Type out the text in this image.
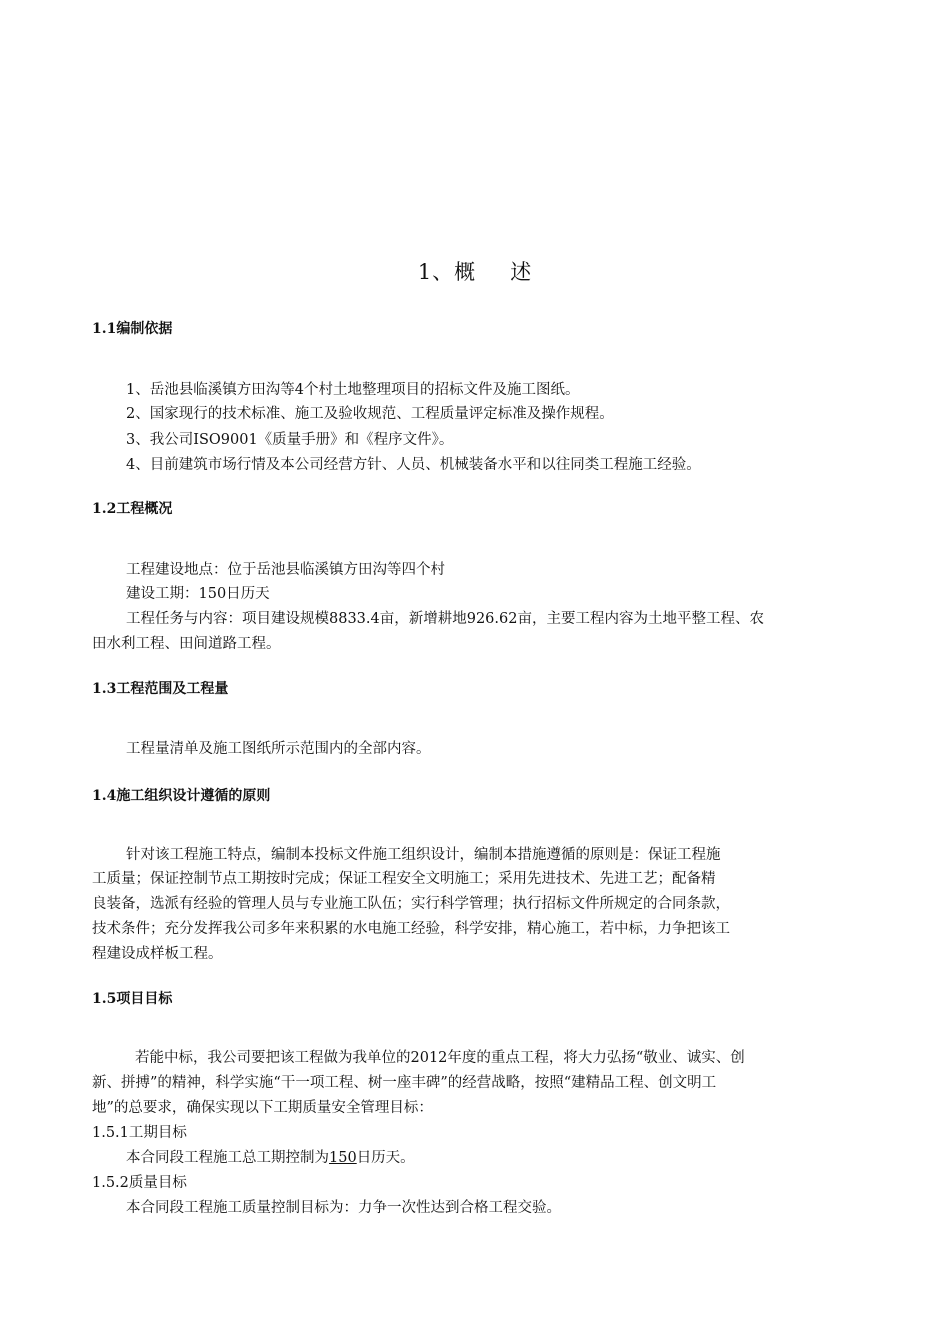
1、概 述
1.1编制依据
1、岳池县临溪镇方田沟等4个村土地整理项目的招标文件及施工图纸。
2、国家现行的技术标准、施工及验收规范、工程质量评定标准及操作规程。
3、我公司ISO9001《质量手册》和《程序文件》。
4、目前建筑市场行情及本公司经营方针、人员、机械装备水平和以往同类工程施工经验。
1.2工程概况
工程建设地点：位于岳池县临溪镇方田沟等四个村
建设工期：150日历天
工程任务与内容：项目建设规模8833.4亩，新增耕地926.62亩，主要工程内容为土地平整工程、农
田水利工程、田间道路工程。
1.3工程范围及工程量
工程量清单及施工图纸所示范围内的全部内容。
1.4施工组织设计遵循的原则
针对该工程施工特点，编制本投标文件施工组织设计，编制本措施遵循的原则是：保证工程施
工质量；保证控制节点工期按时完成；保证工程安全文明施工；采用先进技术、先进工艺；配备精
良装备，选派有经验的管理人员与专业施工队伍；实行科学管理；执行招标文件所规定的合同条款，
技术条件；充分发挥我公司多年来积累的水电施工经验，科学安排，精心施工，若中标，力争把该工
程建设成样板工程。
1.5项目目标
若能中标，我公司要把该工程做为我单位的2012年度的重点工程，将大力弘扬“敬业、诚实、创
新、拼搏”的精神，科学实施“干一项工程、树一座丰碑”的经营战略，按照“建精品工程、创文明工
地”的总要求，确保实现以下工期质量安全管理目标：
1.5.1工期目标
本合同段工程施工总工期控制为150日历天。
1.5.2质量目标
本合同段工程施工质量控制目标为：力争一次性达到合格工程交验。
